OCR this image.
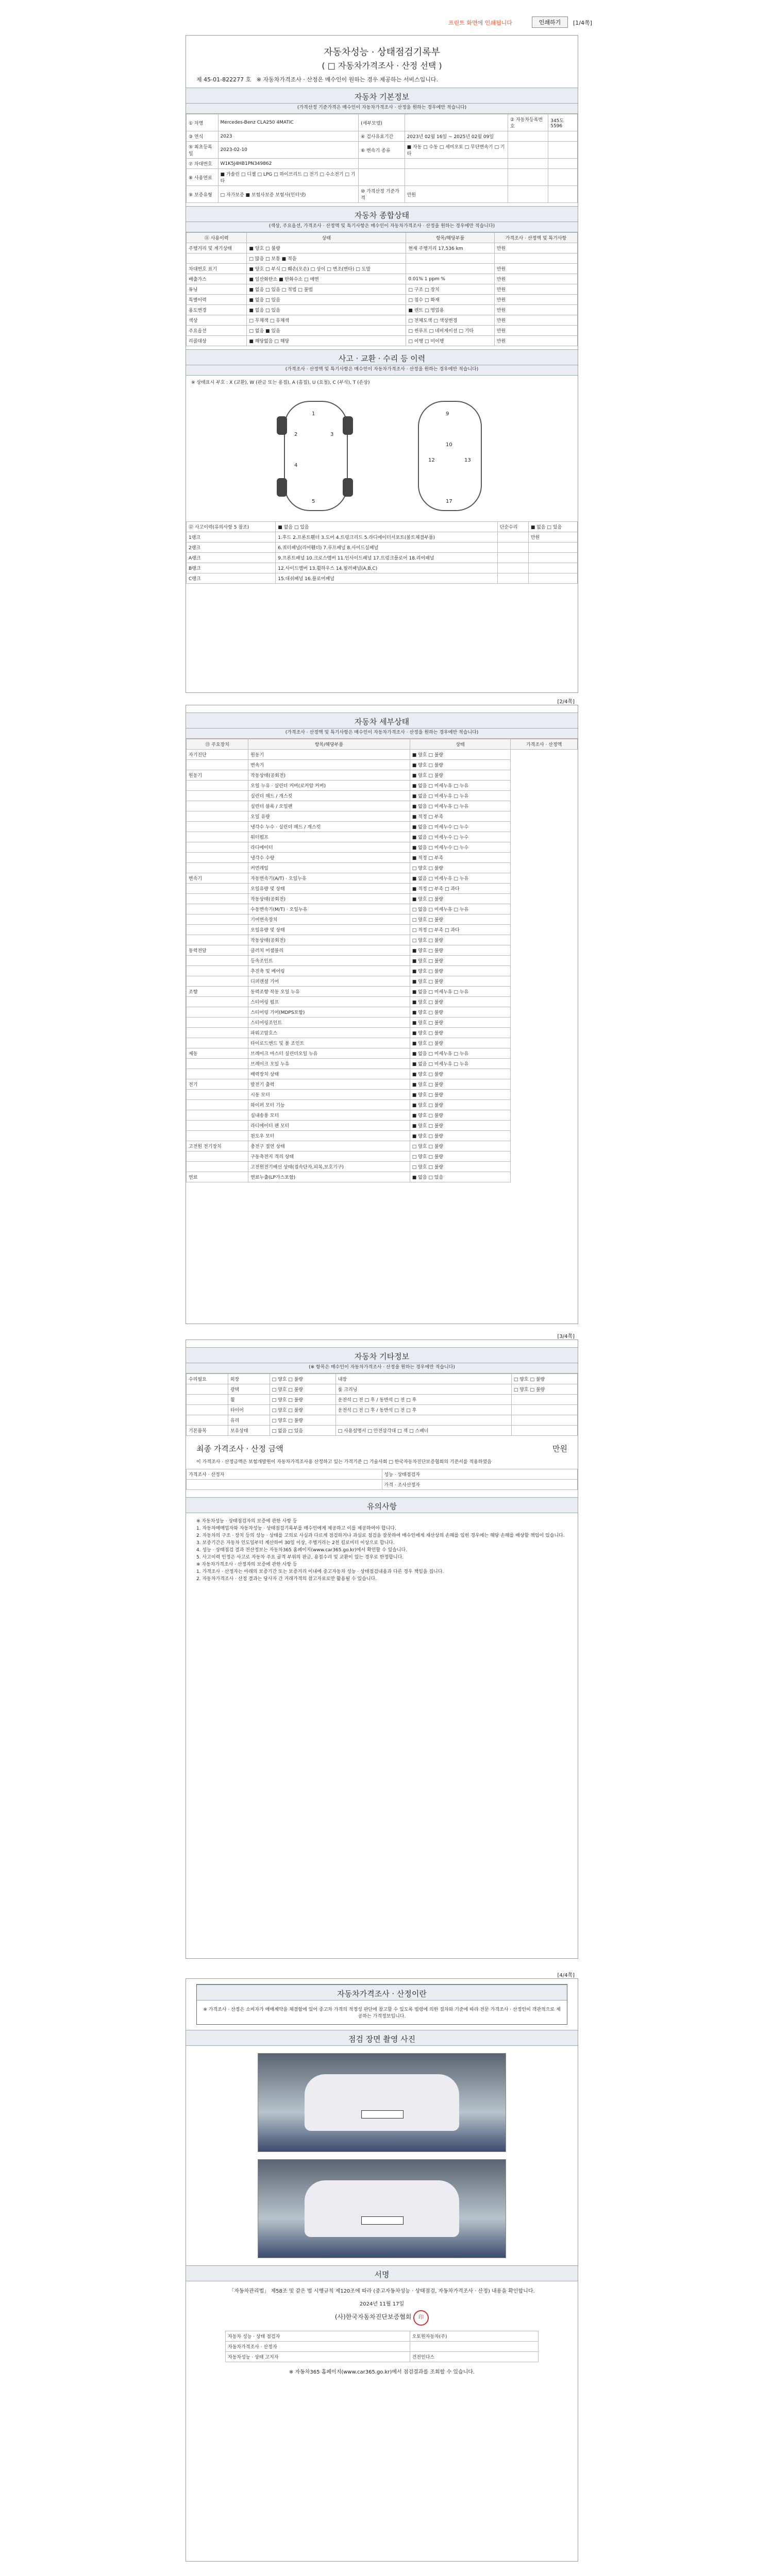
프린트 화면에 인쇄됩니다	인쇄하기	[1/4쪽]
자동차성능 · 상태점검기록부
( □ 자동차가격조사 · 산정 선택 )
제 45-01-822277 호 ※ 자동차가격조사 · 산정은 매수인이 원하는 경우 제공하는 서비스입니다.
자동차 기본정보
(가격산정 기준가격은 매수인이 자동차가격조사 · 산정을 원하는 경우에만 적습니다)
① 차명	Mercedes-Benz CLA250 4MATIC	(세부모델)		② 자동차등록번호	345도5596
③ 연식	2023	④ 검사유효기간	2023년 02월 16일 ~ 2025년 02월 09일		
⑤ 최초등록일	2023-02-10	⑥ 변속기 종류	■ 자동 □ 수동 □ 세미오토 □ 무단변속기 □ 기타		
⑦ 차대번호	W1K5J4HB1PN349862				
⑧ 사용연료	■ 가솔린 □ 디젤 □ LPG □ 하이브리드 □ 전기 □ 수소전기 □ 기타				
⑨ 보증유형	□ 자가보증 ■ 보험사보증 보험사(인터넷)	⑩ 가격산정 기준가격	만원		
자동차 종합상태
(색상, 주요옵션, 가격조사 · 산정액 및 특기사항은 매수인이 자동차가격조사 · 산정을 원하는 경우에만 적습니다)
⑪ 사용이력	상태	항목/해당부품	가격조사 · 산정액 및 특기사항
주행거리 및 계기상태	■ 양호 □ 불량	현재 주행거리 17,536 km	만원
	□ 많음 □ 보통 ■ 적음		
차대번호 표기	■ 양호 □ 부식 □ 훼손(오손) □ 상이 □ 변조(변타) □ 도말		만원
배출가스	■ 일산화탄소 ■ 탄화수소 □ 매연	0.01% 1 ppm %	만원
튜닝	■ 없음 □ 있음 □ 적법 □ 불법	□ 구조 □ 장치	만원
특별이력	■ 없음 □ 있음	□ 침수 □ 화재	만원
용도변경	■ 없음 □ 있음	■ 렌트 □ 영업용	만원
색상	□ 무채색 □ 유채색	□ 전체도색 □ 색상변경	만원
주요옵션	□ 없음 ■ 있음	□ 썬루프 □ 네비게이션 □ 기타	만원
리콜대상	■ 해당없음 □ 해당	□ 이행 □ 미이행	만원
사고 · 교환 · 수리 등 이력
(가격조사 · 산정액 및 특기사항은 매수인이 자동차가격조사 · 산정을 원하는 경우에만 적습니다)
※ 상태표시 부호 : X (교환), W (판금 또는 용접), A (흠집), U (요철), C (부식), T (손상)
1
2	3
4
5
9
10
12	13
17
⑫ 사고이력(유의사항 5 참조)	■ 없음 □ 있음	단순수리	■ 없음 □ 있음
1랭크	1.후드 2.프론트휀더 3.도어 4.트렁크리드 5.라디에이터서포트(볼트체결부품)		만원
2랭크	6.쿼터패널(리어휀더) 7.루프패널 8.사이드실패널		
A랭크	9.프론트패널 10.크로스멤버 11.인사이드패널 17.트렁크플로어 18.리어패널		
B랭크	12.사이드멤버 13.휠하우스 14.필러패널(A,B,C)		
C랭크	15.대쉬패널 16.플로어패널		
[2/4쪽]
자동차 세부상태
(가격조사 · 산정액 및 특기사항은 매수인이 자동차가격조사 · 산정을 원하는 경우에만 적습니다)
⑬ 주요장치	항목/해당부품	상태	가격조사 · 산정액
자기진단	원동기	■ 양호 □ 불량	
	변속기	■ 양호 □ 불량	
원동기	작동상태(공회전)	■ 양호 □ 불량	
	오일 누유 · 실린더 커버(로커암 커버)	■ 없음 □ 미세누유 □ 누유	
	실린더 헤드 / 개스킷	■ 없음 □ 미세누유 □ 누유	
	실린더 블록 / 오일팬	■ 없음 □ 미세누유 □ 누유	
	오일 유량	■ 적정 □ 부족	
	냉각수 누수 · 실린더 헤드 / 개스킷	■ 없음 □ 미세누수 □ 누수	
	워터펌프	■ 없음 □ 미세누수 □ 누수	
	라디에이터	■ 없음 □ 미세누수 □ 누수	
	냉각수 수량	■ 적정 □ 부족	
	커먼레일	□ 양호 □ 불량	
변속기	자동변속기(A/T) · 오일누유	■ 없음 □ 미세누유 □ 누유	
	오일유량 및 상태	■ 적정 □ 부족 □ 과다	
	작동상태(공회전)	■ 양호 □ 불량	
	수동변속기(M/T) · 오일누유	□ 없음 □ 미세누유 □ 누유	
	기어변속장치	□ 양호 □ 불량	
	오일유량 및 상태	□ 적정 □ 부족 □ 과다	
	작동상태(공회전)	□ 양호 □ 불량	
동력전달	클러치 어셈블리	■ 양호 □ 불량	
	등속조인트	■ 양호 □ 불량	
	추진축 및 베어링	■ 양호 □ 불량	
	디퍼렌셜 기어	■ 양호 □ 불량	
조향	동력조향 작동 오일 누유	■ 없음 □ 미세누유 □ 누유	
	스티어링 펌프	■ 양호 □ 불량	
	스티어링 기어(MDPS포함)	■ 양호 □ 불량	
	스티어링조인트	■ 양호 □ 불량	
	파워고압호스	■ 양호 □ 불량	
	타이로드엔드 및 볼 조인트	■ 양호 □ 불량	
제동	브레이크 마스터 실린더오일 누유	■ 없음 □ 미세누유 □ 누유	
	브레이크 오일 누유	■ 없음 □ 미세누유 □ 누유	
	배력장치 상태	■ 양호 □ 불량	
전기	발전기 출력	■ 양호 □ 불량	
	시동 모터	■ 양호 □ 불량	
	와이퍼 모터 기능	■ 양호 □ 불량	
	실내송풍 모터	■ 양호 □ 불량	
	라디에이터 팬 모터	■ 양호 □ 불량	
	윈도우 모터	■ 양호 □ 불량	
고전원 전기장치	충전구 절연 상태	□ 양호 □ 불량	
	구동축전지 격리 상태	□ 양호 □ 불량	
	고전원전기배선 상태(접속단자,피복,보호기구)	□ 양호 □ 불량	
연료	연료누출(LP가스포함)	■ 없음 □ 있음	
[3/4쪽]
자동차 기타정보
(※ 항목은 매수인이 자동차가격조사 · 산정을 원하는 경우에만 적습니다)
수리필요	외장	□ 양호 □ 불량	내장	□ 양호 □ 불량
	광택	□ 양호 □ 불량	룸 크리닝	□ 양호 □ 불량
	휠	□ 양호 □ 불량	운전석 □ 전 □ 후 / 동반석 □ 전 □ 후	
	타이어	□ 양호 □ 불량	운전석 □ 전 □ 후 / 동반석 □ 전 □ 후	
	유리	□ 양호 □ 불량		
기본품목	보유상태	□ 없음 □ 있음	□ 사용설명서 □ 안전삼각대 □ 잭 □ 스패너	
최종 가격조사 · 산정 금액	만원
이 가격조사 · 산정금액은 보험개발원이 자동차가격조사용 산정하고 있는 가격기준 □ 기술사회 □ 한국자동차진단보증협회의 기준서를 적용하였음
가격조사 · 산정자	성능 · 상태점검자
	가격 · 조사산정자
유의사항

※ 자동차성능 · 상태점검자의 보증에 관한 사항 등

1. 자동차매매업자와 자동차성능 · 상태점검기록부를 매수인에게 제공하고 이를 제공하여야 합니다.

2. 자동차의 구조 · 장치 등의 성능 · 상태를 고의로 사실과 다르게 점검하거나 과실로 점검을 잘못하여 매수인에게 재산상의 손해를 입힌 경우에는 해당 손해를 배상할 책임이 있습니다.

3. 보증기간은 자동차 인도일부터 계산하여 30일 이상, 주행거리는 2천 킬로미터 이상으로 합니다.

4. 성능 · 상태점검 결과 전산정보는 자동차365 홈페이지(www.car365.go.kr)에서 확인할 수 있습니다.

5. 사고이력 인정은 사고로 자동차 주요 골격 부위의 판금, 용접수리 및 교환이 있는 경우로 한정합니다.

※ 자동차가격조사 · 산정자의 보증에 관한 사항 등

1. 가격조사 · 산정자는 아래의 보증기간 또는 보증거리 이내에 중고자동차 성능 · 상태점검내용과 다른 경우 책임을 집니다.

2. 자동차가격조사 · 산정 결과는 당사자 간 거래가격의 참고자료로만 활용될 수 있습니다.

[4/4쪽]
자동차가격조사 · 산정이란
※ 가격조사 · 산정은 소비자가 매매계약을 체결함에 있어 중고차 가격의 적정성 판단에 참고할 수 있도록 법령에 의한 절차와 기준에 따라 전문 가격조사 · 산정인이 객관적으로 제공하는 가격정보입니다.
점검 장면 촬영 사진
서명
「자동차관리법」 제58조 및 같은 법 시행규칙 제120조에 따라 (중고자동차성능 · 상태점검, 자동차가격조사 · 산정) 내용을 확인합니다.
2024년 11월 17일
(사)한국자동차진단보증협회 印
자동차 성능 · 상태 점검자	오토원자동차(주)
자동차가격조사 · 산정자	
자동차성능 · 상태 고지자	건전인다스
※ 자동차365 홈페이지(www.car365.go.kr)에서 점검결과를 조회할 수 있습니다.
